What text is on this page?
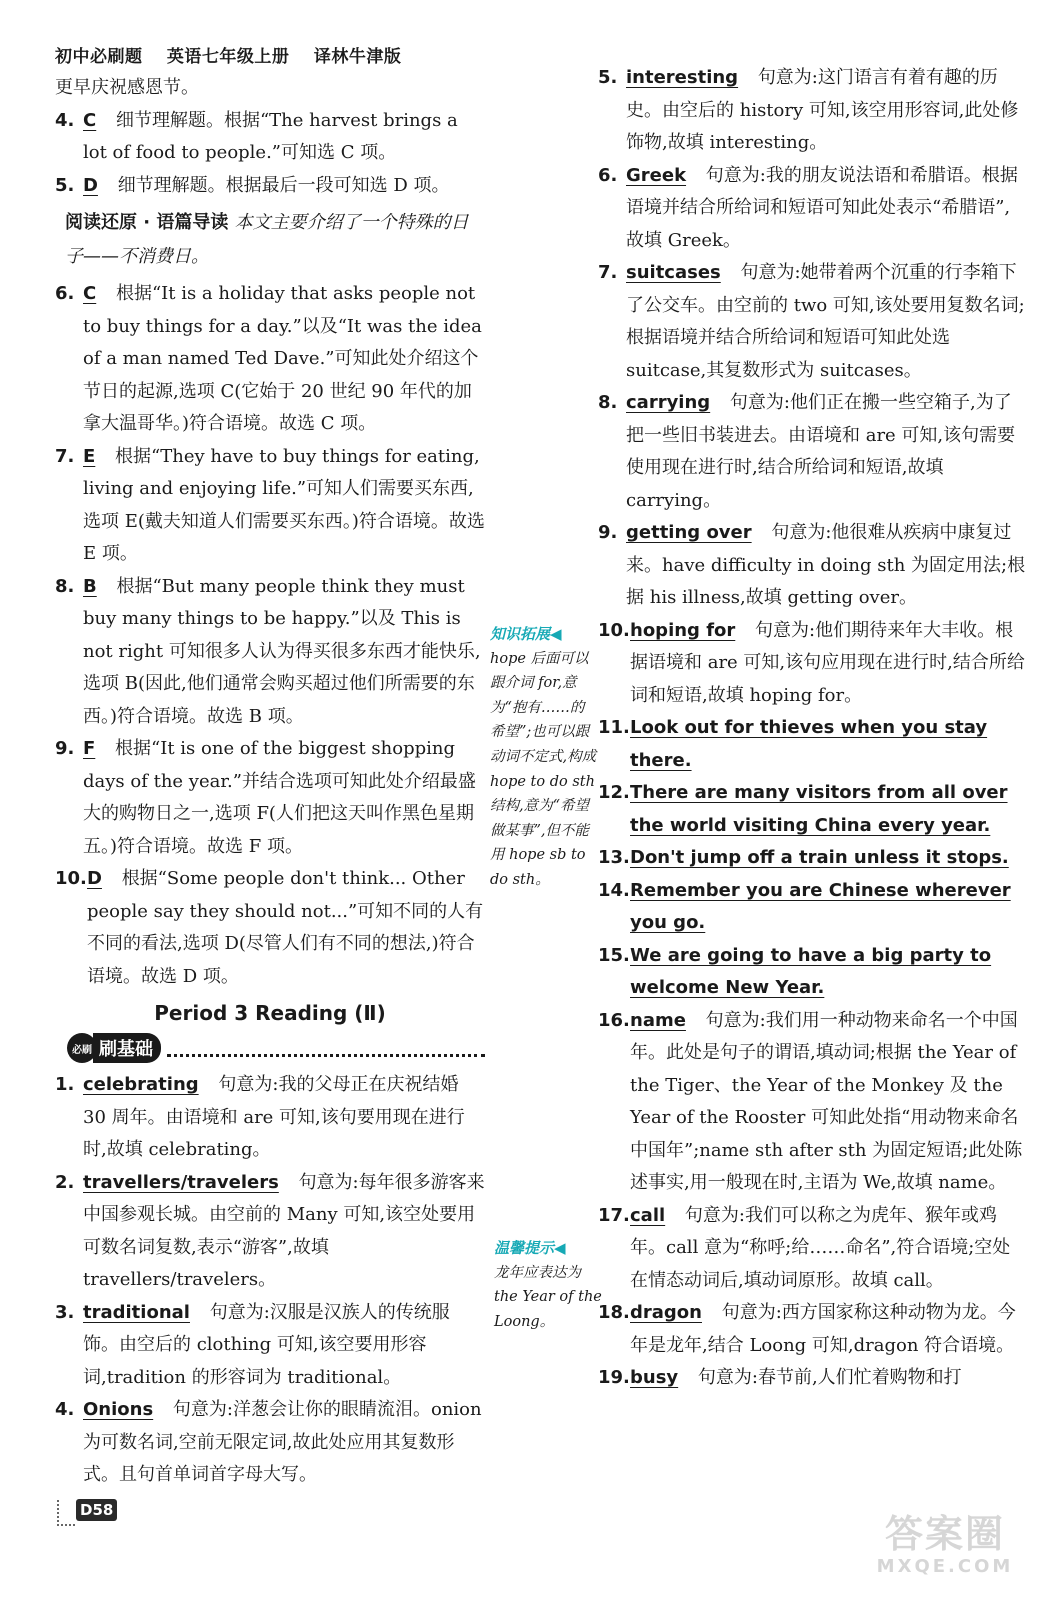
初中必刷题 英语七年级上册 译林牛津版

更早庆祝感恩节。

4. C 细节理解题。根据“The harvest brings a lot of food to people.”可知选 C 项。
5. D 细节理解题。根据最后一段可知选 D 项。
阅读还原 · 语篇导读 本文主要介绍了一个特殊的日子——不消费日。
6. C 根据“It is a holiday that asks people not to buy things for a day.”以及“It was the idea of a man named Ted Dave.”可知此处介绍这个节日的起源,选项 C(它始于 20 世纪 90 年代的加拿大温哥华。)符合语境。故选 C 项。
7. E 根据“They have to buy things for eating, living and enjoying life.”可知人们需要买东西,选项 E(戴夫知道人们需要买东西。)符合语境。故选 E 项。
8. B 根据“But many people think they must buy many things to be happy.”以及 This is not right 可知很多人认为得买很多东西才能快乐,选项 B(因此,他们通常会购买超过他们所需要的东西。)符合语境。故选 B 项。
9. F 根据“It is one of the biggest shopping days of the year.”并结合选项可知此处介绍最盛大的购物日之一,选项 F(人们把这天叫作黑色星期五。)符合语境。故选 F 项。
10. D 根据“Some people don't think... Other people say they should not...”可知不同的人有不同的看法,选项 D(尽管人们有不同的想法,)符合语境。故选 D 项。
Period 3 Reading (Ⅱ)
必刷 刷基础
1. celebrating 句意为:我的父母正在庆祝结婚 30 周年。由语境和 are 可知,该句要用现在进行时,故填 celebrating。
2. travellers/travelers 句意为:每年很多游客来中国参观长城。由空前的 Many 可知,该空处要用可数名词复数,表示“游客”,故填 travellers/travelers。
3. traditional 句意为:汉服是汉族人的传统服饰。由空后的 clothing 可知,该空要用形容词,tradition 的形容词为 traditional。
4. Onions 句意为:洋葱会让你的眼睛流泪。onion 为可数名词,空前无限定词,故此处应用其复数形式。且句首单词首字母大写。
知识拓展◀
hope 后面可以跟介词 for,意为“抱有……的希望”;也可以跟动词不定式,构成 hope to do sth 结构,意为“希望做某事”,但不能用 hope sb to do sth。
温馨提示◀
龙年应表达为 the Year of the Loong。
5. interesting 句意为:这门语言有着有趣的历史。由空后的 history 可知,该空用形容词,此处修饰物,故填 interesting。
6. Greek 句意为:我的朋友说法语和希腊语。根据语境并结合所给词和短语可知此处表示“希腊语”,故填 Greek。
7. suitcases 句意为:她带着两个沉重的行李箱下了公交车。由空前的 two 可知,该处要用复数名词;根据语境并结合所给词和短语可知此处选 suitcase,其复数形式为 suitcases。
8. carrying 句意为:他们正在搬一些空箱子,为了把一些旧书装进去。由语境和 are 可知,该句需要使用现在进行时,结合所给词和短语,故填 carrying。
9. getting over 句意为:他很难从疾病中康复过来。have difficulty in doing sth 为固定用法;根据 his illness,故填 getting over。
10. hoping for 句意为:他们期待来年大丰收。根据语境和 are 可知,该句应用现在进行时,结合所给词和短语,故填 hoping for。
11. Look out for thieves when you stay there.
12. There are many visitors from all over the world visiting China every year.
13. Don't jump off a train unless it stops.
14. Remember you are Chinese wherever you go.
15. We are going to have a big party to welcome New Year.
16. name 句意为:我们用一种动物来命名一个中国年。此处是句子的谓语,填动词;根据 the Year of the Tiger、the Year of the Monkey 及 the Year of the Rooster 可知此处指“用动物来命名中国年”;name sth after sth 为固定短语;此处陈述事实,用一般现在时,主语为 We,故填 name。
17. call 句意为:我们可以称之为虎年、猴年或鸡年。call 意为“称呼;给……命名”,符合语境;空处在情态动词后,填动词原形。故填 call。
18. dragon 句意为:西方国家称这种动物为龙。今年是龙年,结合 Loong 可知,dragon 符合语境。
19. busy 句意为:春节前,人们忙着购物和打
D58
答案圈
MXQE.COM
